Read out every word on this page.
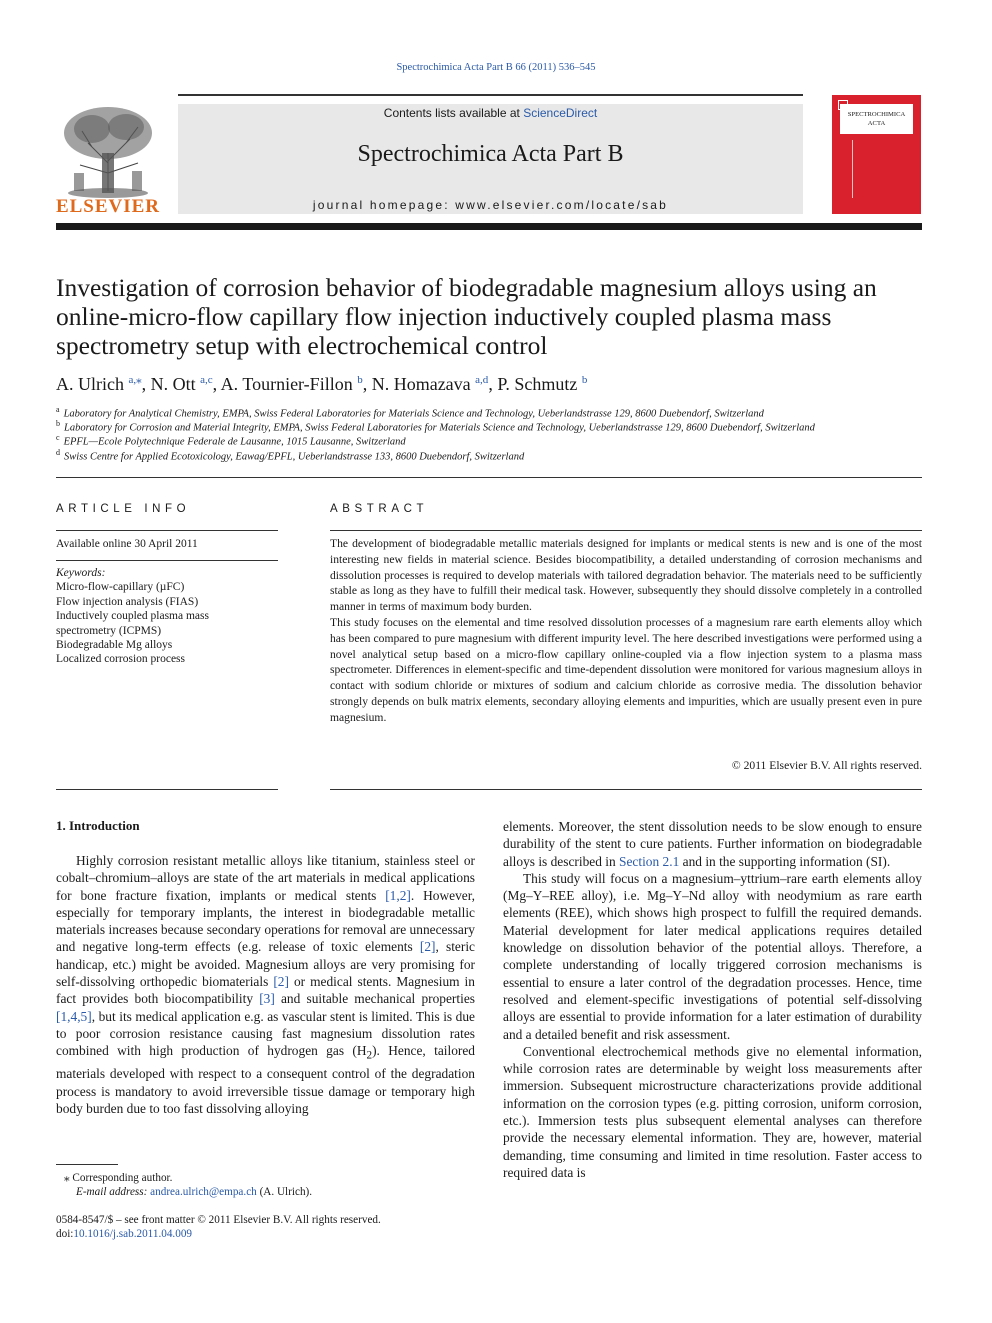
Spectrochimica Acta Part B 66 (2011) 536–545
ELSEVIER
Contents lists available at ScienceDirect
Spectrochimica Acta Part B
journal homepage: www.elsevier.com/locate/sab
SPECTROCHIMICA ACTA
Investigation of corrosion behavior of biodegradable magnesium alloys using an online-micro-flow capillary flow injection inductively coupled plasma mass spectrometry setup with electrochemical control
A. Ulrich $^{a,⁎}$, N. Ott $^{a,c}$, A. Tournier-Fillon $^b$, N. Homazava $^{a,d}$, P. Schmutz $^b$
$^a$ Laboratory for Analytical Chemistry, EMPA, Swiss Federal Laboratories for Materials Science and Technology, Ueberlandstrasse 129, 8600 Duebendorf, Switzerland
$^b$ Laboratory for Corrosion and Material Integrity, EMPA, Swiss Federal Laboratories for Materials Science and Technology, Ueberlandstrasse 129, 8600 Duebendorf, Switzerland
$^c$ EPFL—Ecole Polytechnique Federale de Lausanne, 1015 Lausanne, Switzerland
$^d$ Swiss Centre for Applied Ecotoxicology, Eawag/EPFL, Ueberlandstrasse 133, 8600 Duebendorf, Switzerland
ARTICLE INFO
Available online 30 April 2011
Keywords:
Micro-flow-capillary (µFC)
Flow injection analysis (FIAS)
Inductively coupled plasma mass
spectrometry (ICPMS)
Biodegradable Mg alloys
Localized corrosion process
ABSTRACT

The development of biodegradable metallic materials designed for implants or medical stents is new and is one of the most interesting new fields in material science. Besides biocompatibility, a detailed understanding of corrosion mechanisms and dissolution processes is required to develop materials with tailored degradation behavior. The materials need to be sufficiently stable as long as they have to fulfill their medical task. However, subsequently they should dissolve completely in a controlled manner in terms of maximum body burden.

This study focuses on the elemental and time resolved dissolution processes of a magnesium rare earth elements alloy which has been compared to pure magnesium with different impurity level. The here described investigations were performed using a novel analytical setup based on a micro-flow capillary online-coupled via a flow injection system to a plasma mass spectrometer. Differences in element-specific and time-dependent dissolution were monitored for various magnesium alloys in contact with sodium chloride or mixtures of sodium and calcium chloride as corrosive media. The dissolution behavior strongly depends on bulk matrix elements, secondary alloying elements and impurities, which are usually present even in pure magnesium.

© 2011 Elsevier B.V. All rights reserved.
1. Introduction

Highly corrosion resistant metallic alloys like titanium, stainless steel or cobalt–chromium–alloys are state of the art materials in medical applications for bone fracture fixation, implants or medical stents [1,2]. However, especially for temporary implants, the interest in biodegradable metallic materials increases because secondary operations for removal are unnecessary and negative long-term effects (e.g. release of toxic elements [2], steric handicap, etc.) might be avoided. Magnesium alloys are very promising for self-dissolving orthopedic biomaterials [2] or medical stents. Magnesium in fact provides both biocompatibility [3] and suitable mechanical properties [1,4,5], but its medical application e.g. as vascular stent is limited. This is due to poor corrosion resistance causing fast magnesium dissolution rates combined with high production of hydrogen gas $(H_2)$. Hence, tailored materials developed with respect to a consequent control of the degradation process is mandatory to avoid irreversible tissue damage or temporary high body burden due to too fast dissolving alloying

elements. Moreover, the stent dissolution needs to be slow enough to ensure durability of the stent to cure patients. Further information on biodegradable alloys is described in Section 2.1 and in the supporting information (SI).

This study will focus on a magnesium–yttrium–rare earth elements alloy (Mg–Y–REE alloy), i.e. Mg–Y–Nd alloy with neodymium as rare earth elements (REE), which shows high prospect to fulfill the required demands. Material development for later medical applications requires detailed knowledge on dissolution behavior of the potential alloys. Therefore, a complete understanding of locally triggered corrosion mechanisms is essential to ensure a later control of the degradation processes. Hence, time resolved and element-specific investigations of potential self-dissolving alloys are essential to provide information for a later estimation of durability and a detailed benefit and risk assessment.

Conventional electrochemical methods give no elemental information, while corrosion rates are determinable by weight loss measurements after immersion. Subsequent microstructure characterizations provide additional information on the corrosion types (e.g. pitting corrosion, uniform corrosion, etc.). Immersion tests plus subsequent elemental analyses can therefore provide the necessary elemental information. They are, however, material demanding, time consuming and limited in time resolution. Faster access to required data is

⁎ Corresponding author.
E-mail address: andrea.ulrich@empa.ch (A. Ulrich).
0584-8547/$ – see front matter © 2011 Elsevier B.V. All rights reserved.
doi:10.1016/j.sab.2011.04.009
